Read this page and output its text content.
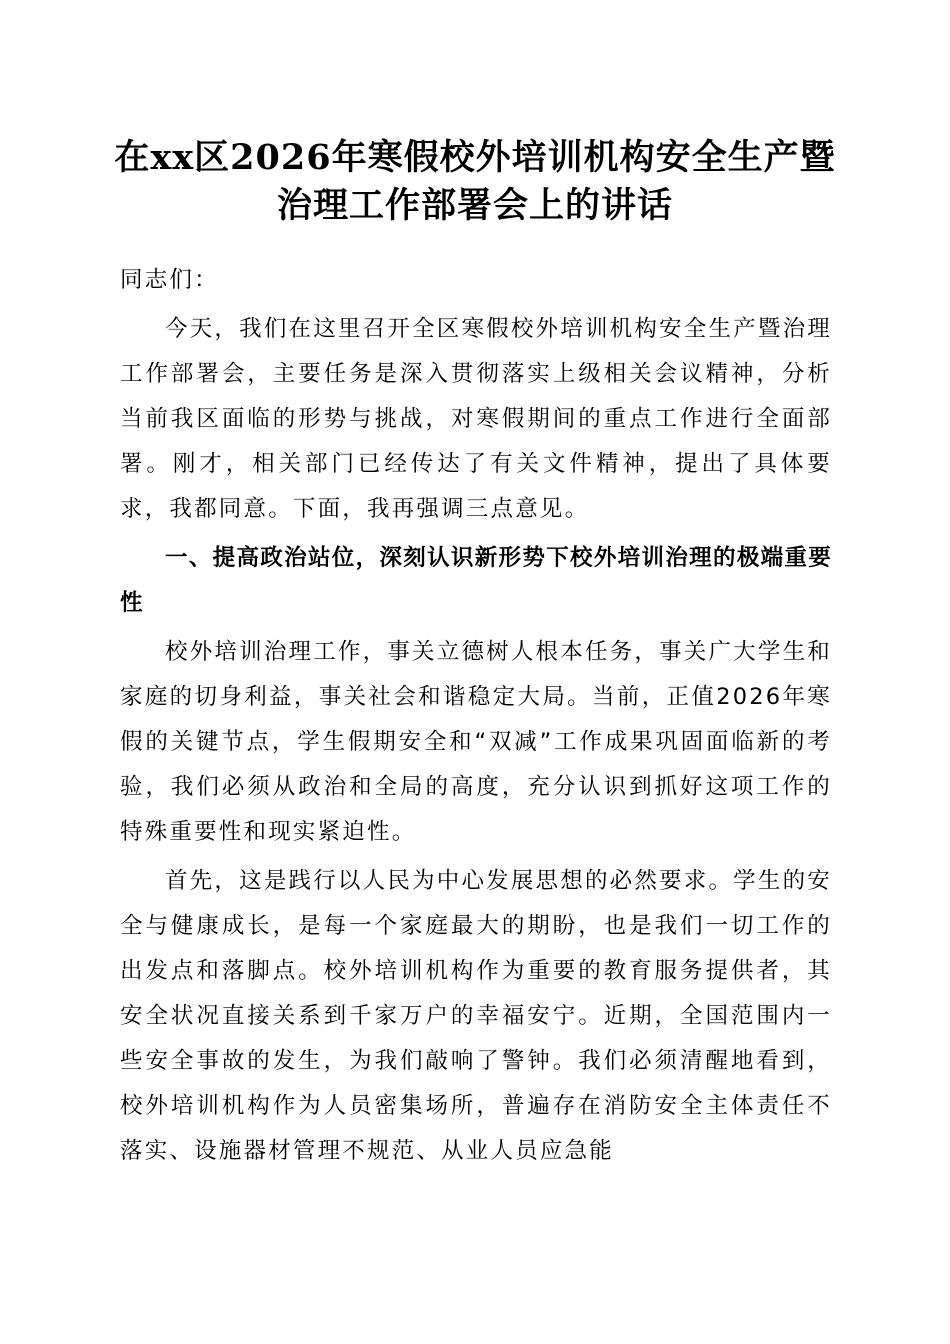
在xx区2026年寒假校外培训机构安全生产暨
治理工作部署会上的讲话

同志们：

今天，我们在这里召开全区寒假校外培训机构安全生产暨治理工作部署会，主要任务是深入贯彻落实上级相关会议精神，分析当前我区面临的形势与挑战，对寒假期间的重点工作进行全面部署。刚才，相关部门已经传达了有关文件精神，提出了具体要求，我都同意。下面，我再强调三点意见。

一、提高政治站位，深刻认识新形势下校外培训治理的极端重要性

校外培训治理工作，事关立德树人根本任务，事关广大学生和家庭的切身利益，事关社会和谐稳定大局。当前，正值2026年寒假的关键节点，学生假期安全和“双减”工作成果巩固面临新的考验，我们必须从政治和全局的高度，充分认识到抓好这项工作的特殊重要性和现实紧迫性。

首先，这是践行以人民为中心发展思想的必然要求。学生的安全与健康成长，是每一个家庭最大的期盼，也是我们一切工作的出发点和落脚点。校外培训机构作为重要的教育服务提供者，其安全状况直接关系到千家万户的幸福安宁。近期，全国范围内一些安全事故的发生，为我们敲响了警钟。我们必须清醒地看到，校外培训机构作为人员密集场所，普遍存在消防安全主体责任不落实、设施器材管理不规范、从业人员应急能
